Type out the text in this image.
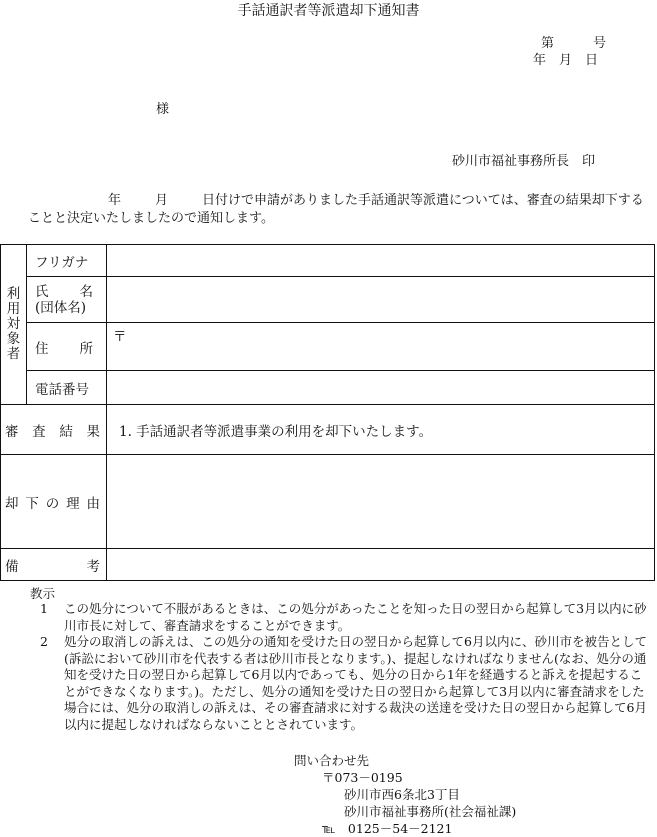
手話通訳者等派遣却下通知書
第　　　号
年　月　日
様
砂川市福祉事務所長　印
年	月	日付けで申請がありました手話通訳等派遣については、審査の結果却下することと決定いたしましたので通知します。
利
用
対
象
者	フリガナ	

	氏 名
(団体名)	

	住 所	〒

	電話番号	

審 査 結 果		1. 手話通訳者等派遣事業の利用を却下いたします。

却 下 の 理 由		

備 考		

教示
1	この処分について不服があるときは、この処分があったことを知った日の翌日から起算して3月以内に砂川市長に対して、審査請求をすることができます。
2	処分の取消しの訴えは、この処分の通知を受けた日の翌日から起算して6月以内に、砂川市を被告として(訴訟において砂川市を代表する者は砂川市長となります。)、提起しなければなりません(なお、処分の通知を受けた日の翌日から起算して6月以内であっても、処分の日から1年を経過すると訴えを提起することができなくなります。)。ただし、処分の通知を受けた日の翌日から起算して3月以内に審査請求をした場合には、処分の取消しの訴えは、その審査請求に対する裁決の送達を受けた日の翌日から起算して6月以内に提起しなければならないこととされています。
問い合わせ先
〒073－0195
砂川市西6条北3丁目
砂川市福祉事務所(社会福祉課)
℡　0125－54－2121
